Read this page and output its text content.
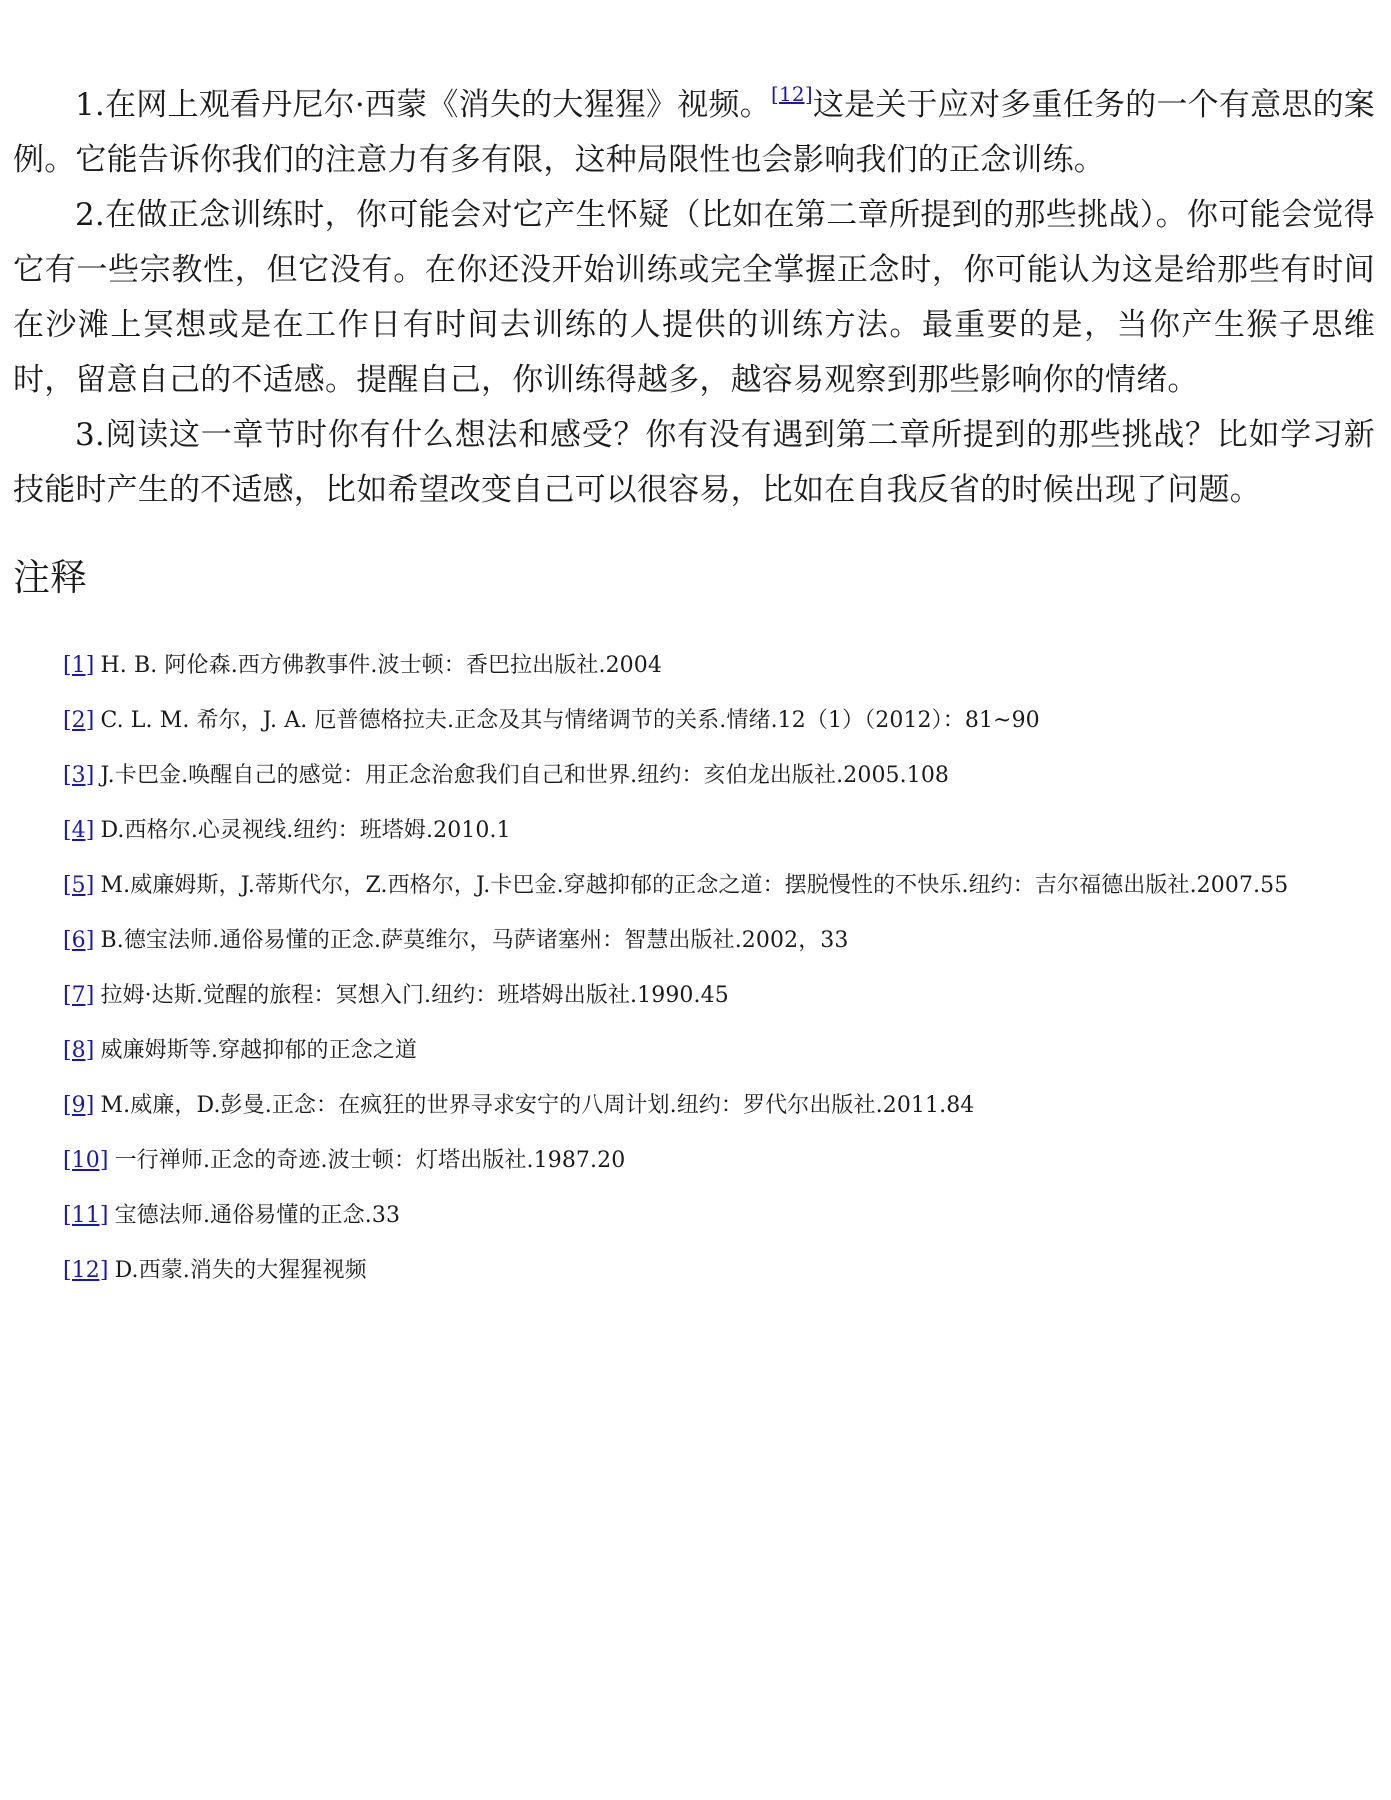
1.在网上观看丹尼尔·西蒙《消失的大猩猩》视频。[12]这是关于应对多重任务的一个有意思的案例。它能告诉你我们的注意力有多有限，这种局限性也会影响我们的正念训练。

2.在做正念训练时，你可能会对它产生怀疑（比如在第二章所提到的那些挑战）。你可能会觉得它有一些宗教性，但它没有。在你还没开始训练或完全掌握正念时，你可能认为这是给那些有时间在沙滩上冥想或是在工作日有时间去训练的人提供的训练方法。最重要的是，当你产生猴子思维时，留意自己的不适感。提醒自己，你训练得越多，越容易观察到那些影响你的情绪。

3.阅读这一章节时你有什么想法和感受？你有没有遇到第二章所提到的那些挑战？比如学习新技能时产生的不适感，比如希望改变自己可以很容易，比如在自我反省的时候出现了问题。

注释

[1] H. B. 阿伦森.西方佛教事件.波士顿：香巴拉出版社.2004

[2] C. L. M. 希尔，J. A. 厄普德格拉夫.正念及其与情绪调节的关系.情绪.12（1）（2012）：81~90

[3] J.卡巴金.唤醒自己的感觉：用正念治愈我们自己和世界.纽约：亥伯龙出版社.2005.108

[4] D.西格尔.心灵视线.纽约：班塔姆.2010.1

[5] M.威廉姆斯，J.蒂斯代尔，Z.西格尔，J.卡巴金.穿越抑郁的正念之道：摆脱慢性的不快乐.纽约：吉尔福德出版社.2007.55

[6] B.德宝法师.通俗易懂的正念.萨莫维尔，马萨诸塞州：智慧出版社.2002，33

[7] 拉姆·达斯.觉醒的旅程：冥想入门.纽约：班塔姆出版社.1990.45

[8] 威廉姆斯等.穿越抑郁的正念之道

[9] M.威廉，D.彭曼.正念：在疯狂的世界寻求安宁的八周计划.纽约：罗代尔出版社.2011.84

[10] 一行禅师.正念的奇迹.波士顿：灯塔出版社.1987.20

[11] 宝德法师.通俗易懂的正念.33

[12] D.西蒙.消失的大猩猩视频
